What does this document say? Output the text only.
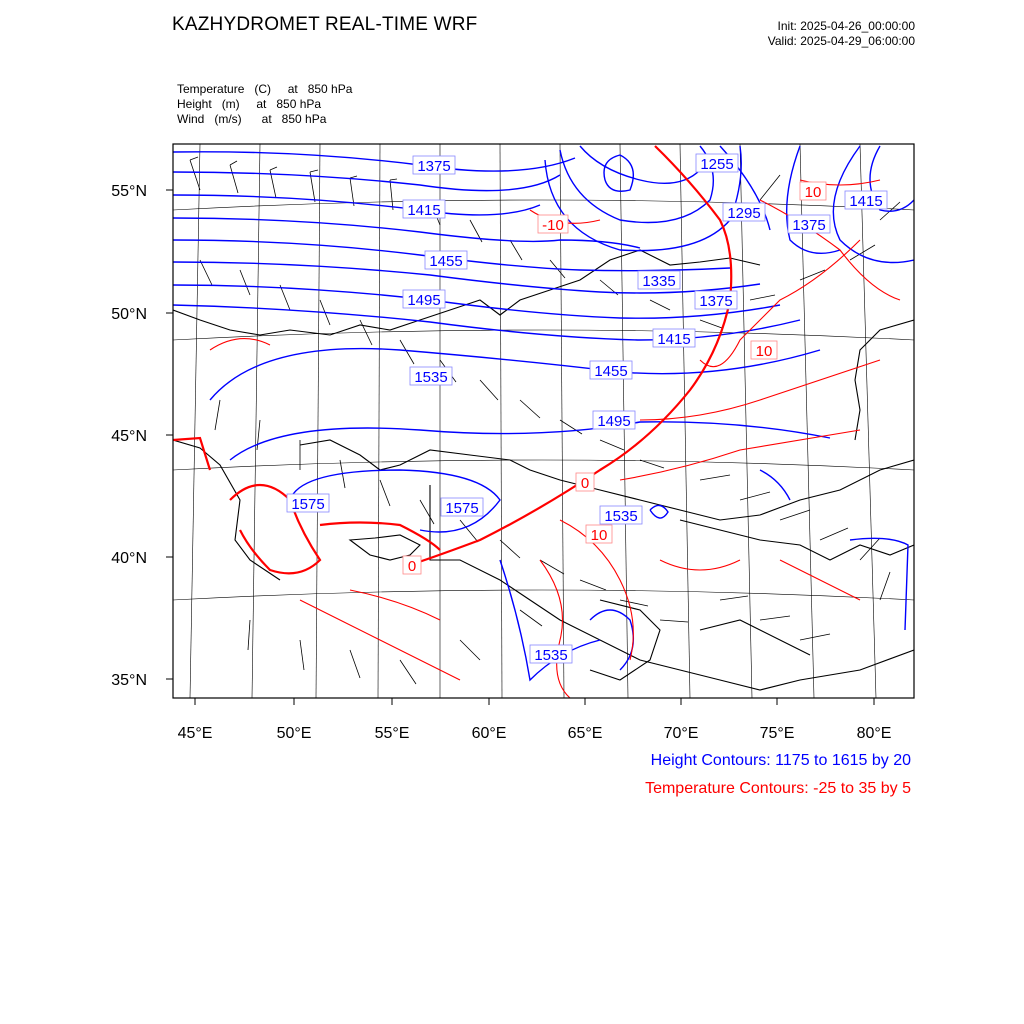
KAZHYDROMET REAL-TIME WRF	Init: 2025-04-26_00:00:00
Valid: 2025-04-29_06:00:00
Temperature   (C)     at   850 hPa
Height   (m)     at   850 hPa
Wind   (m/s)      at   850 hPa
55°N
50°N
45°N
40°N
35°N
45°E	50°E	55°E	60°E	65°E	70°E	75°E	80°E
1375
1415
1455
1495
1535
1575	1575	1535
1535
1495
1455
1415
1375
1335
1295
1255
1375
1415
-10
0
0
10
10
10
Height Contours: 1175 to 1615 by 20
Temperature Contours: -25 to 35 by 5
